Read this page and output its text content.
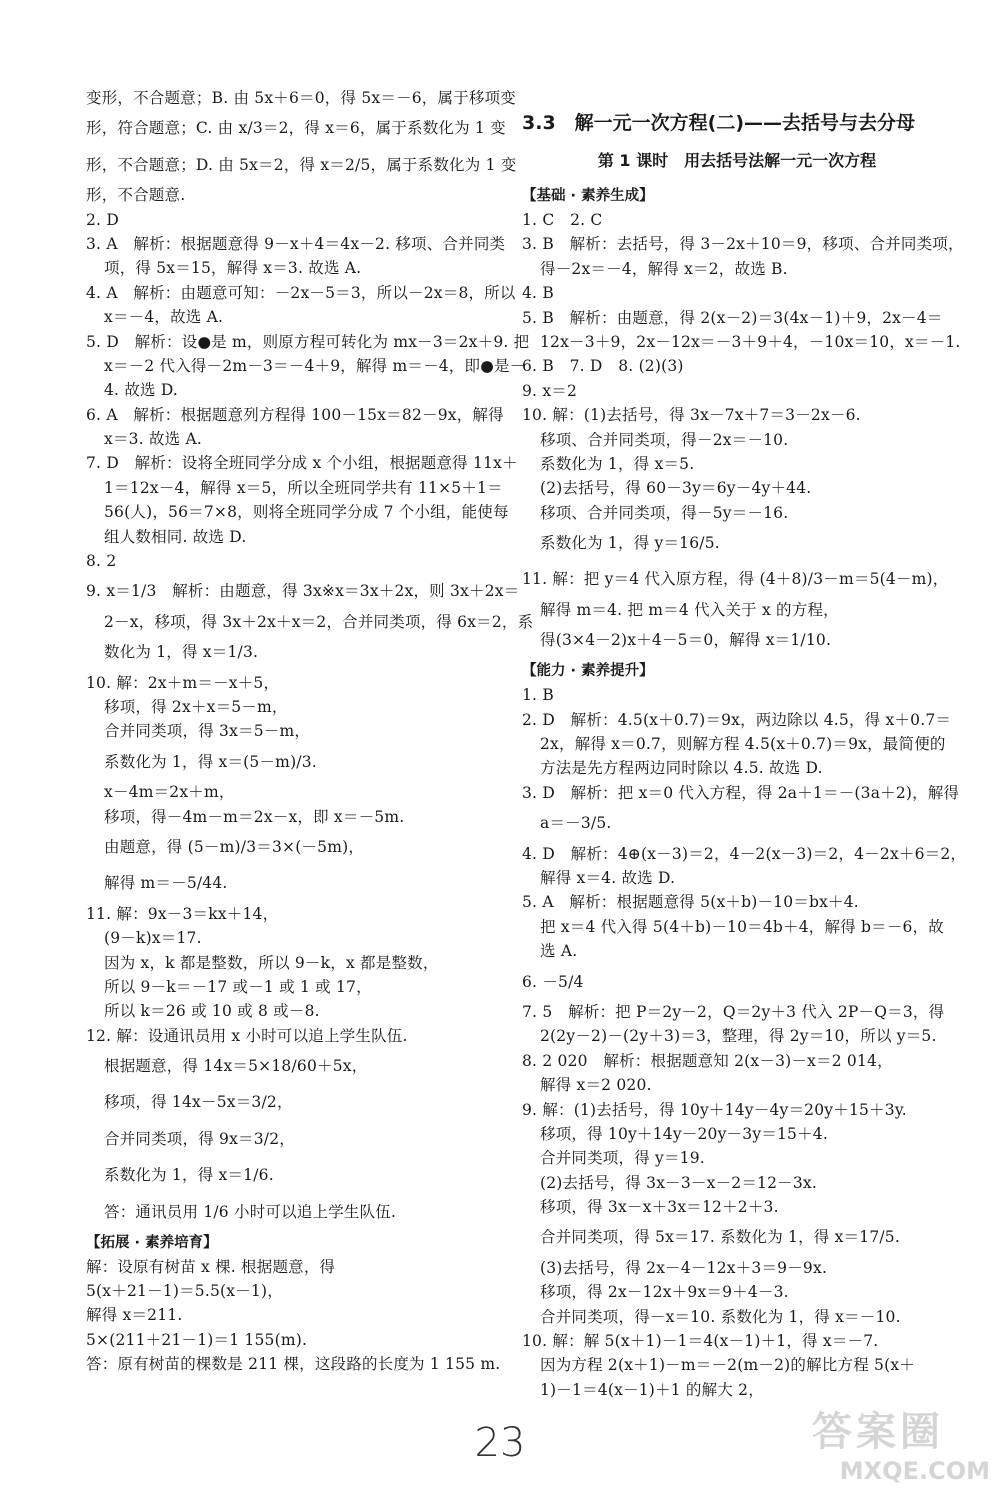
变形，不合题意；B. 由 5x＋6＝0，得 5x＝－6，属于移项变
形，符合题意；C. 由 x/3＝2，得 x＝6，属于系数化为 1 变
形，不合题意；D. 由 5x＝2，得 x＝2/5，属于系数化为 1 变
形，不合题意.
2. D
3. A　解析：根据题意得 9－x＋4＝4x－2. 移项、合并同类
项，得 5x＝15，解得 x＝3. 故选 A.
4. A　解析：由题意可知：－2x－5＝3，所以－2x＝8，所以
x＝－4，故选 A.
5. D　解析：设●是 m，则原方程可转化为 mx－3＝2x＋9. 把
x＝－2 代入得－2m－3＝－4＋9，解得 m＝－4，即●是－
4. 故选 D.
6. A　解析：根据题意列方程得 100－15x＝82－9x，解得
x＝3. 故选 A.
7. D　解析：设将全班同学分成 x 个小组，根据题意得 11x＋
1＝12x－4，解得 x＝5，所以全班同学共有 11×5＋1＝
56(人)，56＝7×8，则将全班同学分成 7 个小组，能使每
组人数相同. 故选 D.
8. 2
9. x＝1/3　解析：由题意，得 3x※x＝3x＋2x，则 3x＋2x＝
2－x，移项，得 3x＋2x＋x＝2，合并同类项，得 6x＝2，系
数化为 1，得 x＝1/3.
10. 解：2x＋m＝－x＋5，
移项，得 2x＋x＝5－m，
合并同类项，得 3x＝5－m，
系数化为 1，得 x＝(5－m)/3.
x－4m＝2x＋m，
移项，得－4m－m＝2x－x，即 x＝－5m.
由题意，得 (5－m)/3＝3×(－5m)，
解得 m＝－5/44.
11. 解：9x－3＝kx＋14，
(9－k)x＝17.
因为 x，k 都是整数，所以 9－k，x 都是整数，
所以 9－k＝－17 或－1 或 1 或 17，
所以 k＝26 或 10 或 8 或－8.
12. 解：设通讯员用 x 小时可以追上学生队伍.
根据题意，得 14x＝5×18/60＋5x，
移项，得 14x－5x＝3/2，
合并同类项，得 9x＝3/2，
系数化为 1，得 x＝1/6.
答：通讯员用 1/6 小时可以追上学生队伍.
【拓展 · 素养培育】
解：设原有树苗 x 棵. 根据题意，得
5(x＋21－1)＝5.5(x－1)，
解得 x＝211.
5×(211＋21－1)＝1 155(m).
答：原有树苗的棵数是 211 棵，这段路的长度为 1 155 m.
3.3　解一元一次方程(二)——去括号与去分母
第 1 课时　用去括号法解一元一次方程
【基础 · 素养生成】
1. C　2. C
3. B　解析：去括号，得 3－2x＋10＝9，移项、合并同类项，
得－2x＝－4，解得 x＝2，故选 B.
4. B
5. B　解析：由题意，得 2(x－2)＝3(4x－1)＋9，2x－4＝
12x－3＋9，2x－12x＝－3＋9＋4，－10x＝10，x＝－1.
6. B　7. D　8. (2)(3)
9. x＝2
10. 解：(1)去括号，得 3x－7x＋7＝3－2x－6.
移项、合并同类项，得－2x＝－10.
系数化为 1，得 x＝5.
(2)去括号，得 60－3y＝6y－4y＋44.
移项、合并同类项，得－5y＝－16.
系数化为 1，得 y＝16/5.
11. 解：把 y＝4 代入原方程，得 (4＋8)/3－m＝5(4－m)，
解得 m＝4. 把 m＝4 代入关于 x 的方程，
得(3×4－2)x＋4－5＝0，解得 x＝1/10.
【能力 · 素养提升】
1. B
2. D　解析：4.5(x＋0.7)＝9x，两边除以 4.5，得 x＋0.7＝
2x，解得 x＝0.7，则解方程 4.5(x＋0.7)＝9x，最简便的
方法是先方程两边同时除以 4.5. 故选 D.
3. D　解析：把 x＝0 代入方程，得 2a＋1＝－(3a＋2)，解得
a＝－3/5.
4. D　解析：4⊕(x－3)＝2，4－2(x－3)＝2，4－2x＋6＝2，
解得 x＝4. 故选 D.
5. A　解析：根据题意得 5(x＋b)－10＝bx＋4.
把 x＝4 代入得 5(4＋b)－10＝4b＋4，解得 b＝－6，故
选 A.
6. －5/4
7. 5　解析：把 P＝2y－2，Q＝2y＋3 代入 2P－Q＝3，得
2(2y－2)－(2y＋3)＝3，整理，得 2y＝10，所以 y＝5.
8. 2 020　解析：根据题意知 2(x－3)－x＝2 014，
解得 x＝2 020.
9. 解：(1)去括号，得 10y＋14y－4y＝20y＋15＋3y.
移项，得 10y＋14y－20y－3y＝15＋4.
合并同类项，得 y＝19.
(2)去括号，得 3x－3－x－2＝12－3x.
移项，得 3x－x＋3x＝12＋2＋3.
合并同类项，得 5x＝17. 系数化为 1，得 x＝17/5.
(3)去括号，得 2x－4－12x＋3＝9－9x.
移项，得 2x－12x＋9x＝9＋4－3.
合并同类项，得－x＝10. 系数化为 1，得 x＝－10.
10. 解：解 5(x＋1)－1＝4(x－1)＋1，得 x＝－7.
因为方程 2(x＋1)－m＝－2(m－2)的解比方程 5(x＋
1)－1＝4(x－1)＋1 的解大 2，
23	答案圈
MXQE.COM
